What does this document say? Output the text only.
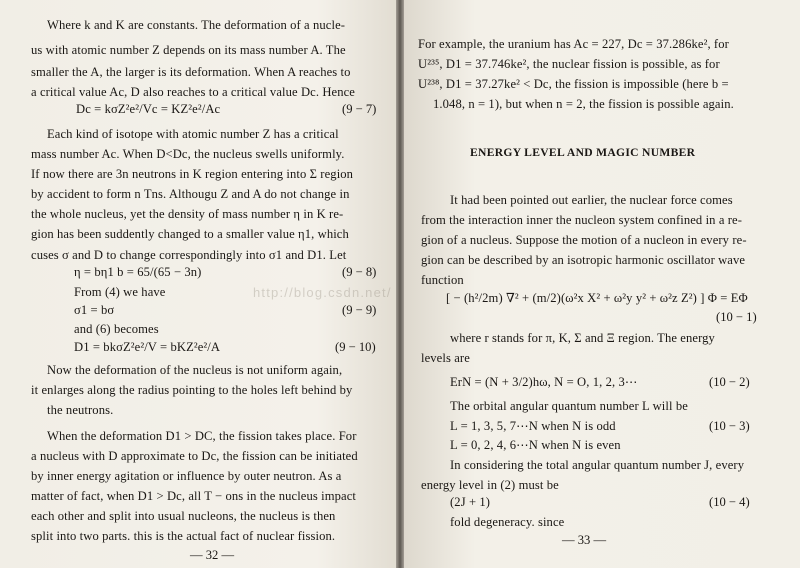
Where k and K are constants. The deformation of a nucle-
us with atomic number Z depends on its mass number A. The
smaller the A, the larger is its deformation. When A reaches to
a critical value Ac, D also reaches to a critical value Dc. Hence
Dc = kσZ²e²/Vc = KZ²e²/Ac	(9 − 7)
Each kind of isotope with atomic number Z has a critical
mass number Ac. When D<Dc, the nucleus swells uniformly.
If now there are 3n neutrons in K region entering into Σ region
by accident to form n Tns. Althougu Z and A do not change in
the whole nucleus, yet the density of mass number η in K re-
gion has been suddently changed to a smaller value η1, which
cuses σ and D to change correspondingly into σ1 and D1. Let
η = bη1 b = 65/(65 − 3n)	(9 − 8)
From (4) we have
σ1 = bσ	(9 − 9)
and (6) becomes
D1 = bkσZ²e²/V = bKZ²e²/A	(9 − 10)
Now the deformation of the nucleus is not uniform again,
it enlarges along the radius pointing to the holes left behind by
the neutrons.
When the deformation D1 > DC, the fission takes place. For
a nucleus with D approximate to Dc, the fission can be initiated
by inner energy agitation or influence by outer neutron. As a
matter of fact, when D1 > Dc, all T − ons in the nucleus impact
each other and split into usual nucleons, the nucleus is then
split into two parts. this is the actual fact of nuclear fission.
— 32 —
For example, the uranium has Ac = 227, Dc = 37.286ke², for
U²³⁵, D1 = 37.746ke², the nuclear fission is possible, as for
U²³⁸, D1 = 37.27ke² < Dc, the fission is impossible (here b =
1.048, n = 1), but when n = 2, the fission is possible again.
ENERGY LEVEL AND MAGIC NUMBER
It had been pointed out earlier, the nuclear force comes
from the interaction inner the nucleon system confined in a re-
gion of a nucleus. Suppose the motion of a nucleon in every re-
gion can be described by an isotropic harmonic oscillator wave
function
[ − (h²/2m) ∇² + (m/2)(ω²x X² + ω²y y² + ω²z Z²) ] Φ = EΦ
(10 − 1)
where r stands for π, K, Σ and Ξ region. The energy
levels are
ErN = (N + 3/2)hω, N = O, 1, 2, 3⋯	(10 − 2)
The orbital angular quantum number L will be
L = 1, 3, 5, 7⋯N when N is odd	(10 − 3)
L = 0, 2, 4, 6⋯N when N is even
In considering the total angular quantum number J, every
energy level in (2) must be
(2J + 1)	(10 − 4)
fold degeneracy. since
— 33 —
http://blog.csdn.net/
